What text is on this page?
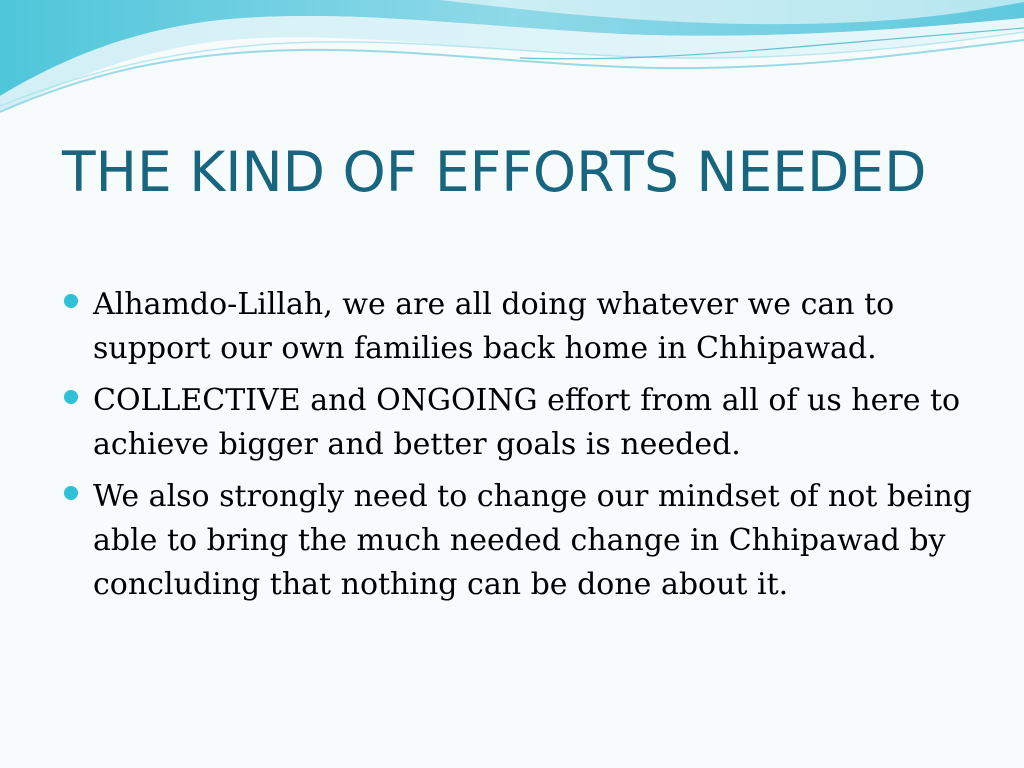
THE KIND OF EFFORTS NEEDED
Alhamdo-Lillah, we are all doing whatever we can to support our own families back home in Chhipawad.
COLLECTIVE and ONGOING effort from all of us here to achieve bigger and better goals is needed.
We also strongly need to change our mindset of not being able to bring the much needed change in Chhipawad by concluding that nothing can be done about it.
